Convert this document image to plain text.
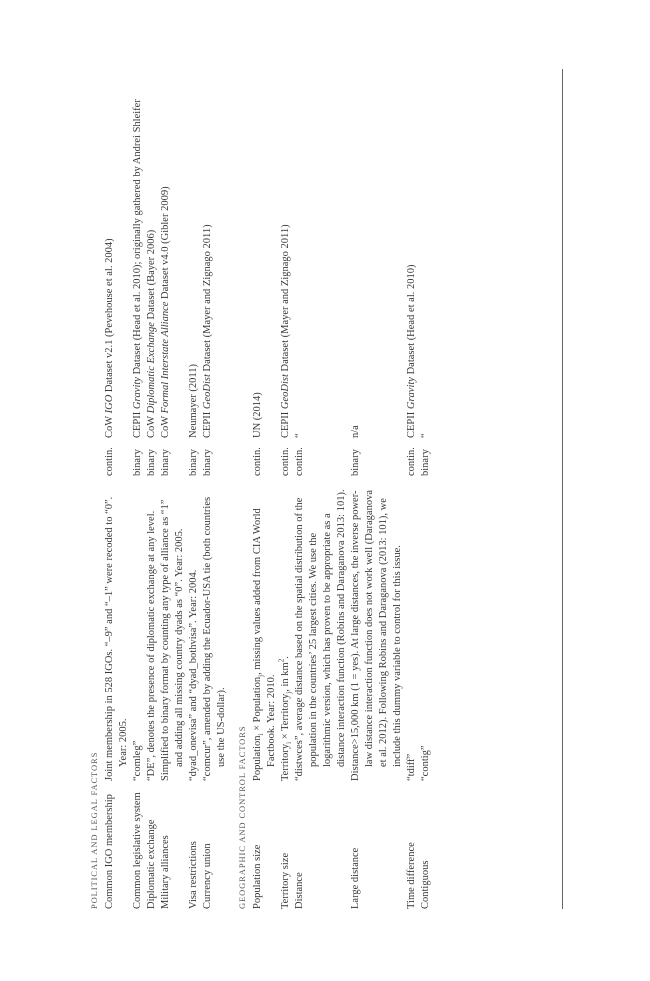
POLITICAL AND LEGAL FACTORS Common IGO membership
Joint membership in 528 IGOs. “–9” and “–1” were recoded to “0”. Year: 2005.
contin.
CoW IGO Dataset v2.1 (Pevehouse et al. 2004)
Common legislative system
“comleg”
binary
CEPII Gravity Dataset (Head et al. 2010); originally gathered by Andrei Shleifer
Diplomatic exchange
“DE”, denotes the presence of diplomatic exchange at any level.
binary
CoW Diplomatic Exchange Dataset (Bayer 2006)
Military alliances
Simplified to binary format by counting any type of alliance as “1” and adding all missing country dyads as “0”. Year: 2005.
binary
CoW Formal Interstate Alliance Dataset v4.0 (Gibler 2009)
Visa restrictions
“dyad_onevisa” and “dyad_bothvisa”. Year: 2004.
binary
Neumayer (2011)
Currency union
“comcur”, amended by adding the Ecuador-USA tie (both countries use the US-dollar).
binary
CEPII GeoDist Dataset (Mayer and Zignago 2011)
GEOGRAPHIC AND CONTROL FACTORS Population size
Population$_i$ × Population$_j$, missing values added from CIA World Factbook. Year: 2010.
contin.
UN (2014)
Territory size
Territory$_i$ × Territory$_j$, in $km^2$.
contin.
CEPII GeoDist Dataset (Mayer and Zignago 2011)
Distance
“distwces”, average distance based on the spatial distribution of the population in the countries’ 25 largest cities. We use the logarithmic version, which has proven to be appropriate as a distance interaction function (Robins and Daraganova 2013: 101).
contin.
“
Large distance
Distance>15,000 km (1 = yes). At large distances, the inverse power-law distance interaction function does not work well (Daraganova et al. 2012). Following Robins and Daraganova (2013: 101), we include this dummy variable to control for this issue.
binary
n/a
Time difference
“tdiff”
contin.
CEPII Gravity Dataset (Head et al. 2010)
Contiguous
“contig”
binary
“
